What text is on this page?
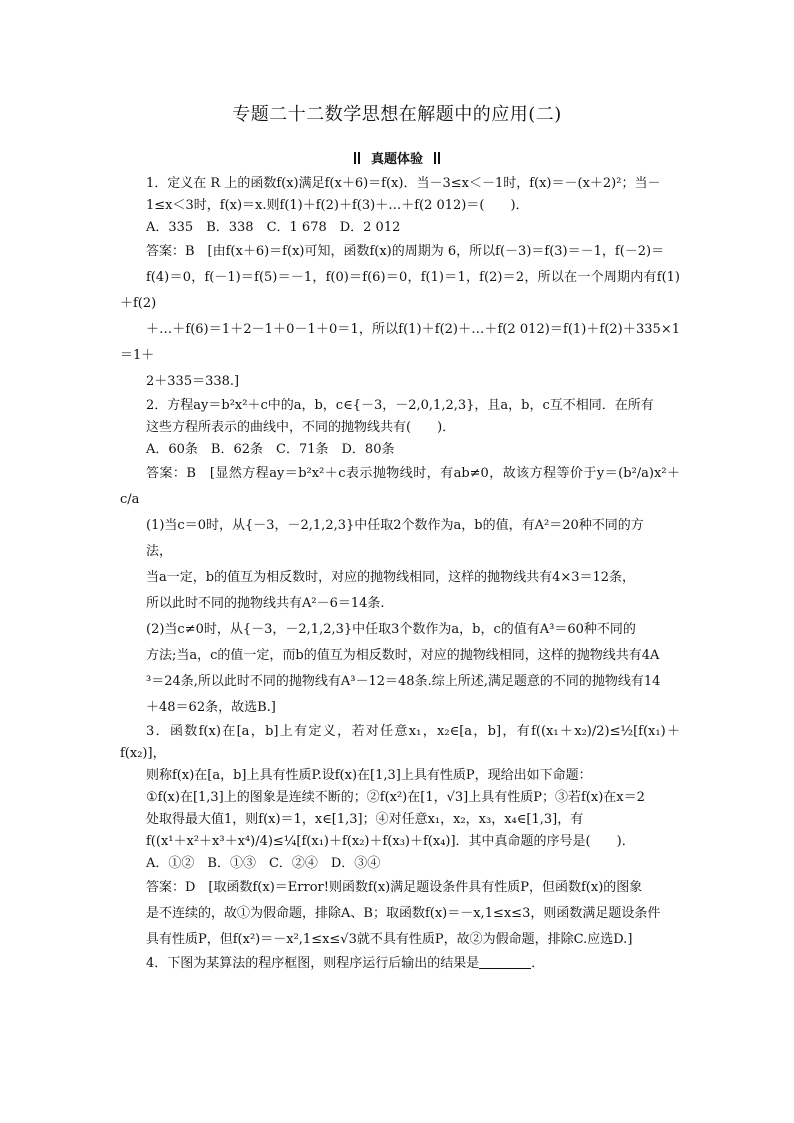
专题二十二数学思想在解题中的应用(二)
真题体验

1．定义在 R 上的函数f(x)满足f(x＋6)＝f(x)．当－3≤x＜－1时，f(x)＝－(x＋2)²；当－

1≤x＜3时，f(x)＝x.则f(1)＋f(2)＋f(3)＋…＋f(2 012)＝(　　)．

A．335　B．338　C．1 678　D．2 012

答案：B　[由f(x＋6)＝f(x)可知，函数f(x)的周期为 6，所以f(－3)＝f(3)＝－1，f(－2)＝

f(4)＝0，f(－1)＝f(5)＝－1，f(0)＝f(6)＝0，f(1)＝1，f(2)＝2，所以在一个周期内有f(1)＋f(2)

＋…＋f(6)＝1＋2－1＋0－1＋0＝1，所以f(1)＋f(2)＋…＋f(2 012)＝f(1)＋f(2)＋335×1＝1＋

2＋335＝338.]

2．方程ay＝b²x²＋c中的a，b，c∈{－3，－2,0,1,2,3}，且a，b，c互不相同．在所有

这些方程所表示的曲线中，不同的抛物线共有(　　)．

A．60条　B．62条　C．71条　D．80条

答案：B　[显然方程ay＝b²x²＋c表示抛物线时，有ab≠0，故该方程等价于y＝(b²/a)x²＋c/a

(1)当c＝0时，从{－3，－2,1,2,3}中任取2个数作为a，b的值，有A²＝20种不同的方

法，

当a一定，b的值互为相反数时，对应的抛物线相同，这样的抛物线共有4×3＝12条，

所以此时不同的抛物线共有A²－6＝14条.

(2)当c≠0时，从{－3，－2,1,2,3}中任取3个数作为a，b，c的值有A³＝60种不同的

方法;当a，c的值一定，而b的值互为相反数时，对应的抛物线相同，这样的抛物线共有4A

³＝24条,所以此时不同的抛物线有A³－12＝48条.综上所述,满足题意的不同的抛物线有14

＋48＝62条，故选B.]

3．函数f(x)在[a，b]上有定义，若对任意x₁，x₂∈[a，b]，有f((x₁＋x₂)/2)≤½[f(x₁)＋f(x₂)]，

则称f(x)在[a，b]上具有性质P.设f(x)在[1,3]上具有性质P，现给出如下命题：

①f(x)在[1,3]上的图象是连续不断的；②f(x²)在[1，√3]上具有性质P；③若f(x)在x＝2

处取得最大值1，则f(x)＝1，x∈[1,3]；④对任意x₁，x₂，x₃，x₄∈[1,3]，有

f((x¹＋x²＋x³＋x⁴)/4)≤¼[f(x₁)＋f(x₂)＋f(x₃)＋f(x₄)]．其中真命题的序号是(　　)．

A．①②　B．①③　C．②④　D．③④

答案：D　[取函数f(x)＝Error!则函数f(x)满足题设条件具有性质P，但函数f(x)的图象

是不连续的，故①为假命题，排除A、B；取函数f(x)＝－x,1≤x≤3，则函数满足题设条件

具有性质P，但f(x²)＝－x²,1≤x≤√3就不具有性质P，故②为假命题，排除C.应选D.]

4．下图为某算法的程序框图，则程序运行后输出的结果是	．
